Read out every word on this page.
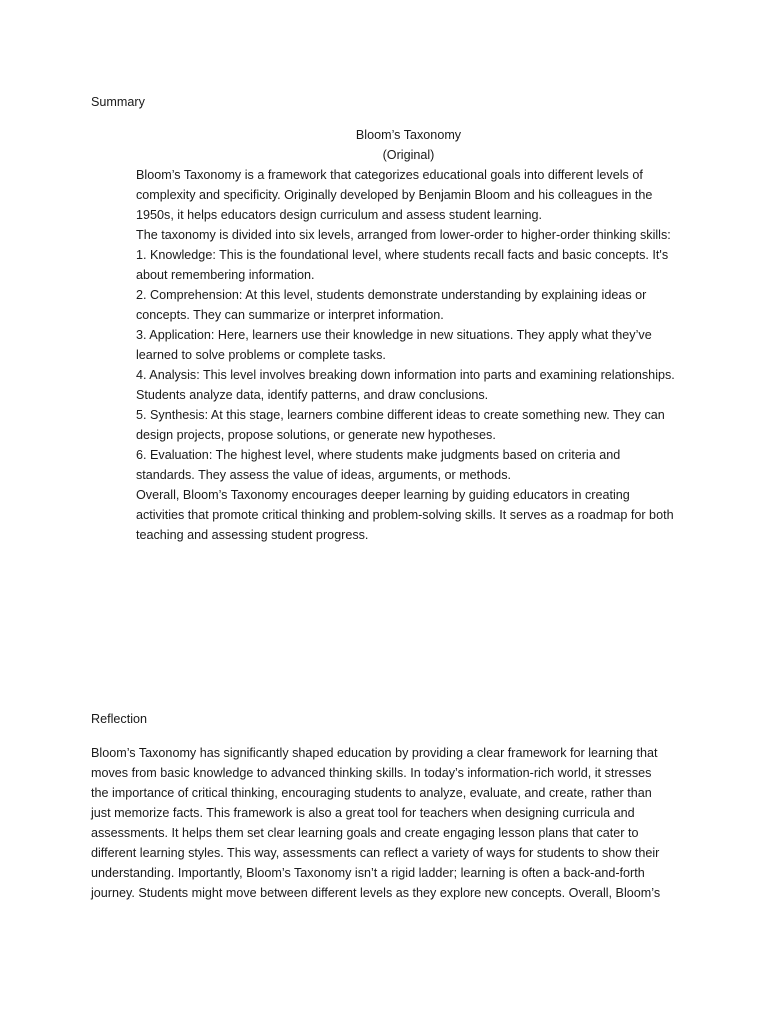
Summary
Bloom’s Taxonomy
(Original)

Bloom’s Taxonomy is a framework that categorizes educational goals into different levels of complexity and specificity. Originally developed by Benjamin Bloom and his colleagues in the 1950s, it helps educators design curriculum and assess student learning.

The taxonomy is divided into six levels, arranged from lower-order to higher-order thinking skills:

1. Knowledge: This is the foundational level, where students recall facts and basic concepts. It's about remembering information.

2. Comprehension: At this level, students demonstrate understanding by explaining ideas or concepts. They can summarize or interpret information.

3. Application: Here, learners use their knowledge in new situations. They apply what they’ve learned to solve problems or complete tasks.

4. Analysis: This level involves breaking down information into parts and examining relationships. Students analyze data, identify patterns, and draw conclusions.

5. Synthesis: At this stage, learners combine different ideas to create something new. They can design projects, propose solutions, or generate new hypotheses.

6. Evaluation: The highest level, where students make judgments based on criteria and standards. They assess the value of ideas, arguments, or methods.

Overall, Bloom’s Taxonomy encourages deeper learning by guiding educators in creating activities that promote critical thinking and problem-solving skills. It serves as a roadmap for both teaching and assessing student progress.

Reflection

Bloom’s Taxonomy has significantly shaped education by providing a clear framework for learning that moves from basic knowledge to advanced thinking skills. In today’s information-rich world, it stresses the importance of critical thinking, encouraging students to analyze, evaluate, and create, rather than just memorize facts. This framework is also a great tool for teachers when designing curricula and assessments. It helps them set clear learning goals and create engaging lesson plans that cater to different learning styles. This way, assessments can reflect a variety of ways for students to show their understanding. Importantly, Bloom’s Taxonomy isn’t a rigid ladder; learning is often a back-and-forth journey. Students might move between different levels as they explore new concepts. Overall, Bloom’s
